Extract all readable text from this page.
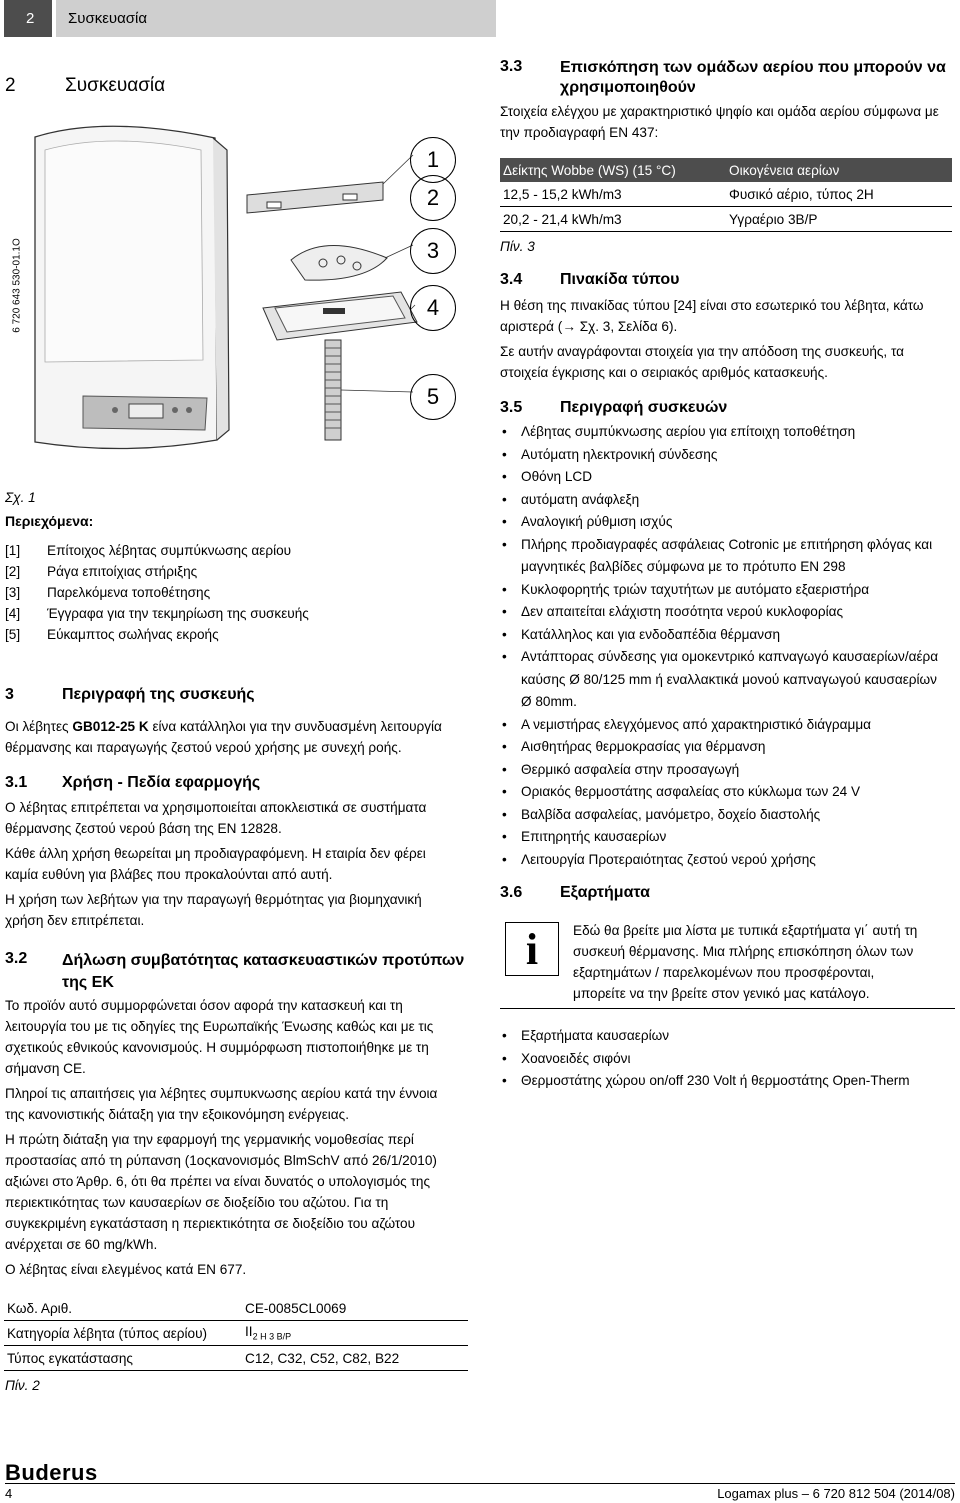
2	Συσκευασία
2	Συσκευασία
6 720 643 530-01.1O
1
2
3
4
5
Σχ. 1
Περιεχόμενα:
[1] Επίτοιχος λέβητας συμπύκνωσης αερίου
[2] Ράγα επιτοίχιας στήριξης
[3] Παρελκόμενα τοποθέτησης
[4] Έγγραφα για την τεκμηρίωση της συσκευής
[5] Εύκαμπτος σωλήνας εκροής
3	Περιγραφή της συσκευής
Οι λέβητες GB012-25 K είνα κατάλληλοι για την συνδυασμένη λειτουργία
θέρμανσης και παραγωγής ζεστού νερού χρήσης με συνεχή ροής.
3.1 Χρήση - Πεδία εφαρμογής
Ο λέβητας επιτρέπεται να χρησιμοποιείται αποκλειστικά σε συστήματα
θέρμανσης ζεστού νερού βάση της EN 12828.
Κάθε άλλη χρήση θεωρείται μη προδιαγραφόμενη. Η εταιρία δεν φέρει
καμία ευθύνη για βλάβες που προκαλούνται από αυτή.
Η χρήση των λεβήτων για την παραγωγή θερμότητας για βιομηχανική
χρήση δεν επιτρέπεται.
3.2 Δήλωση συμβατότητας κατασκευαστικών προτύπων
της ΕΚ
Το προϊόν αυτό συμμορφώνεται όσον αφορά την κατασκευή και τη
λειτουργία του με τις οδηγίες της Ευρωπαϊκής Ένωσης καθώς και με τις
σχετικούς εθνικούς κανονισμούς. Η συμμόρφωση πιστοποιήθηκε με τη
σήμανση CE.
Πληροί τις απαιτήσεις για λέβητες συμπυκνωσης αερίου κατά την έννοια
της κανονιστικής διάταξη για την εξοικονόμηση ενέργειας.
Η πρώτη διάταξη για την εφαρμογή της γερμανικής νομοθεσίας περί
προστασίας από τη ρύπανση (1οςκανονισμός BlmSchV από 26/1/2010)
αξιώνει στο Άρθρ. 6, ότι θα πρέπει να είναι δυνατός ο υπολογισμός της
περιεκτικότητας των καυσαερίων σε διοξείδιο του αζώτου. Για τη
συγκεκριμένη εγκατάσταση η περιεκτικότητα σε διοξείδιο του αζώτου
ανέρχεται σε 60 mg/kWh.
Ο λέβητας είναι ελεγμένος κατά EN 677.
Κωδ. Αριθ.	CE-0085CL0069
Κατηγορία λέβητα (τύπος αερίου)	$II_{2 H 3 B/P}$
Τύπος εγκατάστασης	C12, C32, C52, C82, B22
Πίν. 2
3.3 Επισκόπηση των ομάδων αερίου που μπορούν να
χρησιμοποιηθούν
Στοιχεία ελέγχου με χαρακτηριστικό ψηφίο και ομάδα αερίου σύμφωνα με
την προδιαγραφή EN 437:
Δείκτης Wobbe (WS) (15 °C)	Οικογένεια αερίων
12,5 - 15,2 kWh/m3	Φυσικό αέριο, τύπος 2H
20,2 - 21,4 kWh/m3	Υγραέριο 3B/P
Πίν. 3
3.4 Πινακίδα τύπου
Η θέση της πινακίδας τύπου [24] είναι στο εσωτερικό του λέβητα, κάτω
αριστερά (→ Σχ. 3, Σελίδα 6).
Σε αυτήν αναγράφονται στοιχεία για την απόδοση της συσκευής, τα
στοιχεία έγκρισης και ο σειριακός αριθμός κατασκευής.
3.5 Περιγραφή συσκευών
• Λέβητας συμπύκνωσης αερίου για επίτοιχη τοποθέτηση
• Αυτόματη ηλεκτρονική σύνδεσης
• Οθόνη LCD
• αυτόματη ανάφλεξη
• Αναλογική ρύθμιση ισχύς
• Πλήρης προδιαγραφές ασφάλειας Cotronic με επιτήρηση φλόγας και
μαγνητικές βαλβίδες σύμφωνα με το πρότυπο EN 298
• Κυκλοφορητής τριών ταχυτήτων με αυτόματο εξαεριστήρα
• Δεν απαιτείται ελάχιστη ποσότητα νερού κυκλοφορίας
• Κατάλληλος και για ενδοδαπέδια θέρμανση
• Αντάπτορας σύνδεσης για ομοκεντρικό καπναγωγό καυσαερίων/αέρα
καύσης Ø 80/125 mm ή εναλλακτικά μονού καπναγωγού καυσαερίων
Ø 80mm.
• Α νεμιστήρας ελεγχόμενος από χαρακτηριστικό διάγραμμα
• Αισθητήρας θερμοκρασίας για θέρμανση
• Θερμικό ασφαλεία στην προσαγωγή
• Οριακός θερμοστάτης ασφαλείας στο κύκλωμα των 24 V
• Βαλβίδα ασφαλείας, μανόμετρο, δοχείο διαστολής
• Επιτηρητής καυσαερίων
• Λειτουργία Προτεραιότητας ζεστού νερού χρήσης
3.6 Εξαρτήματα
i	Εδώ θα βρείτε μια λίστα με τυπικά εξαρτήματα γι΄ αυτή τη
συσκευή θέρμανσης. Μια πλήρης επισκόπηση όλων των
εξαρτημάτων / παρελκομένων που προσφέρονται,
μπορείτε να την βρείτε στον γενικό μας κατάλογο.
• Εξαρτήματα καυσαερίων
• Χοανοειδές σιφόνι
• Θερμοστάτης χώρου on/off 230 Volt ή θερμοστάτης Open-Therm
Buderus
4	Logamax plus – 6 720 812 504 (2014/08)
